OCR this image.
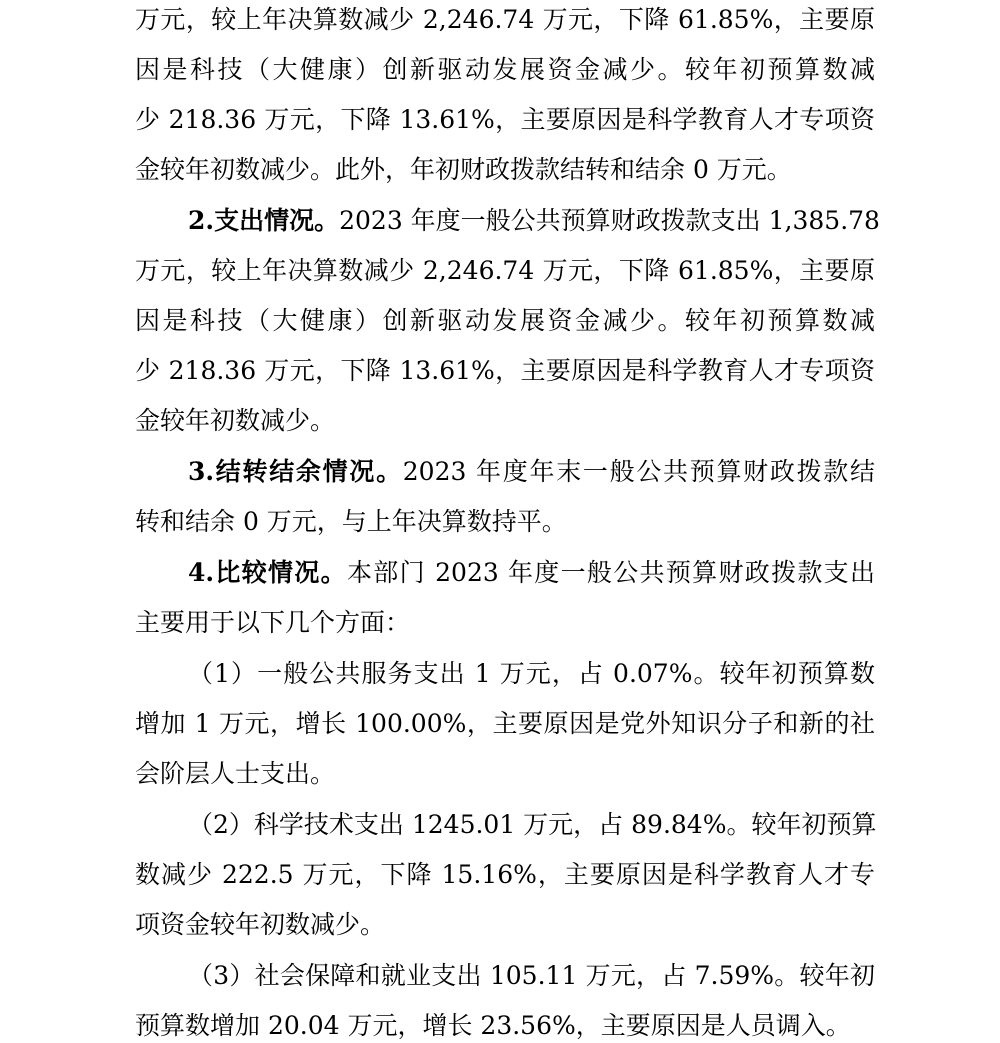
万元，较上年决算数减少 2,246.74 万元，下降 61.85%，主要原
因是科技（大健康）创新驱动发展资金减少。较年初预算数减
少 218.36 万元，下降 13.61%，主要原因是科学教育人才专项资
金较年初数减少。此外，年初财政拨款结转和结余 0 万元。
2.支出情况。2023 年度一般公共预算财政拨款支出 1,385.78
万元，较上年决算数减少 2,246.74 万元，下降 61.85%，主要原
因是科技（大健康）创新驱动发展资金减少。较年初预算数减
少 218.36 万元，下降 13.61%，主要原因是科学教育人才专项资
金较年初数减少。
3.结转结余情况。2023 年度年末一般公共预算财政拨款结
转和结余 0 万元，与上年决算数持平。
4.比较情况。本部门 2023 年度一般公共预算财政拨款支出
主要用于以下几个方面：
（1）一般公共服务支出 1 万元，占 0.07%。较年初预算数
增加 1 万元，增长 100.00%，主要原因是党外知识分子和新的社
会阶层人士支出。
（2）科学技术支出 1245.01 万元，占 89.84%。较年初预算
数减少 222.5 万元，下降 15.16%，主要原因是科学教育人才专
项资金较年初数减少。
（3）社会保障和就业支出 105.11 万元，占 7.59%。较年初
预算数增加 20.04 万元，增长 23.56%，主要原因是人员调入。
